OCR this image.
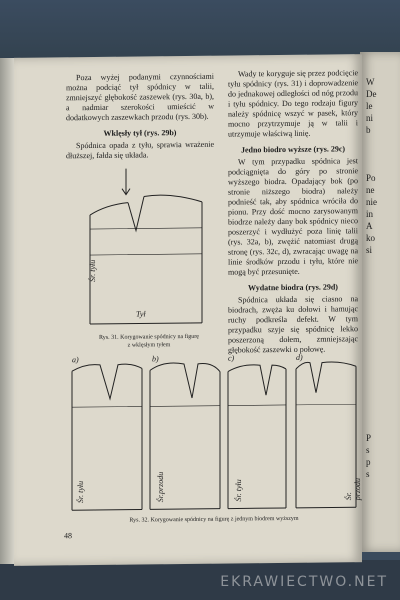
W
De
le
ni
b
Po
ne
nie
in
A
ko
si
P
s
p
s

Poza wyżej podanymi czynnościami można podciąć tył spódnicy w talii, zmniejszyć głębokość zaszewek (rys. 30a, b), a nadmiar szerokości umieścić w dodatkowych zaszewkach przodu (rys. 30b).

Wklęsły tył (rys. 29b)

Spódnica opada z tyłu, sprawia wrażenie dłuższej, fałda się układa.

Wady te koryguje się przez podcięcie tyłu spódnicy (rys. 31) i doprowadzenie do jednakowej odległości od nóg przodu i tyłu spódnicy. Do tego rodzaju figury należy spódnicę wszyć w pasek, który mocno przytrzymuje ją w talii i utrzymuje właściwą linię.

Jedno biodro wyższe (rys. 29c)

W tym przypadku spódnica jest podciągnięta do góry po stronie wyższego biodra. Opadający bok (po stronie niższego biodra) należy podnieść tak, aby spódnica wróciła do pionu. Przy dość mocno zarysowanym biodrze należy dany bok spódnicy nieco poszerzyć i wydłużyć poza linię talii (rys. 32a, b), zwężić natomiast drugą stronę (rys. 32c, d), zwracając uwagę na linie środków przodu i tyłu, które nie mogą być przesunięte.

Wydatne biodra (rys. 29d)

Spódnica układa się ciasno na biodrach, zwęża ku dołowi i hamując ruchy podkreśla defekt. W tym przypadku szyje się spódnicę lekko poszerzoną dołem, zmniejszając głębokość zaszewki o połowę.

Śr. tyłu
Tył
Rys. 31. Korygowanie spódnicy na figurę
z wklęsłym tyłem
a)	b)	c)	d)
Śr. tyłu	Śr.przodu	Śr. tyłu	Śr. przodu
Rys. 32. Korygowanie spódnicy na figurę z jednym biodrem wyższym
48
EKRAWIECTWO.NET
